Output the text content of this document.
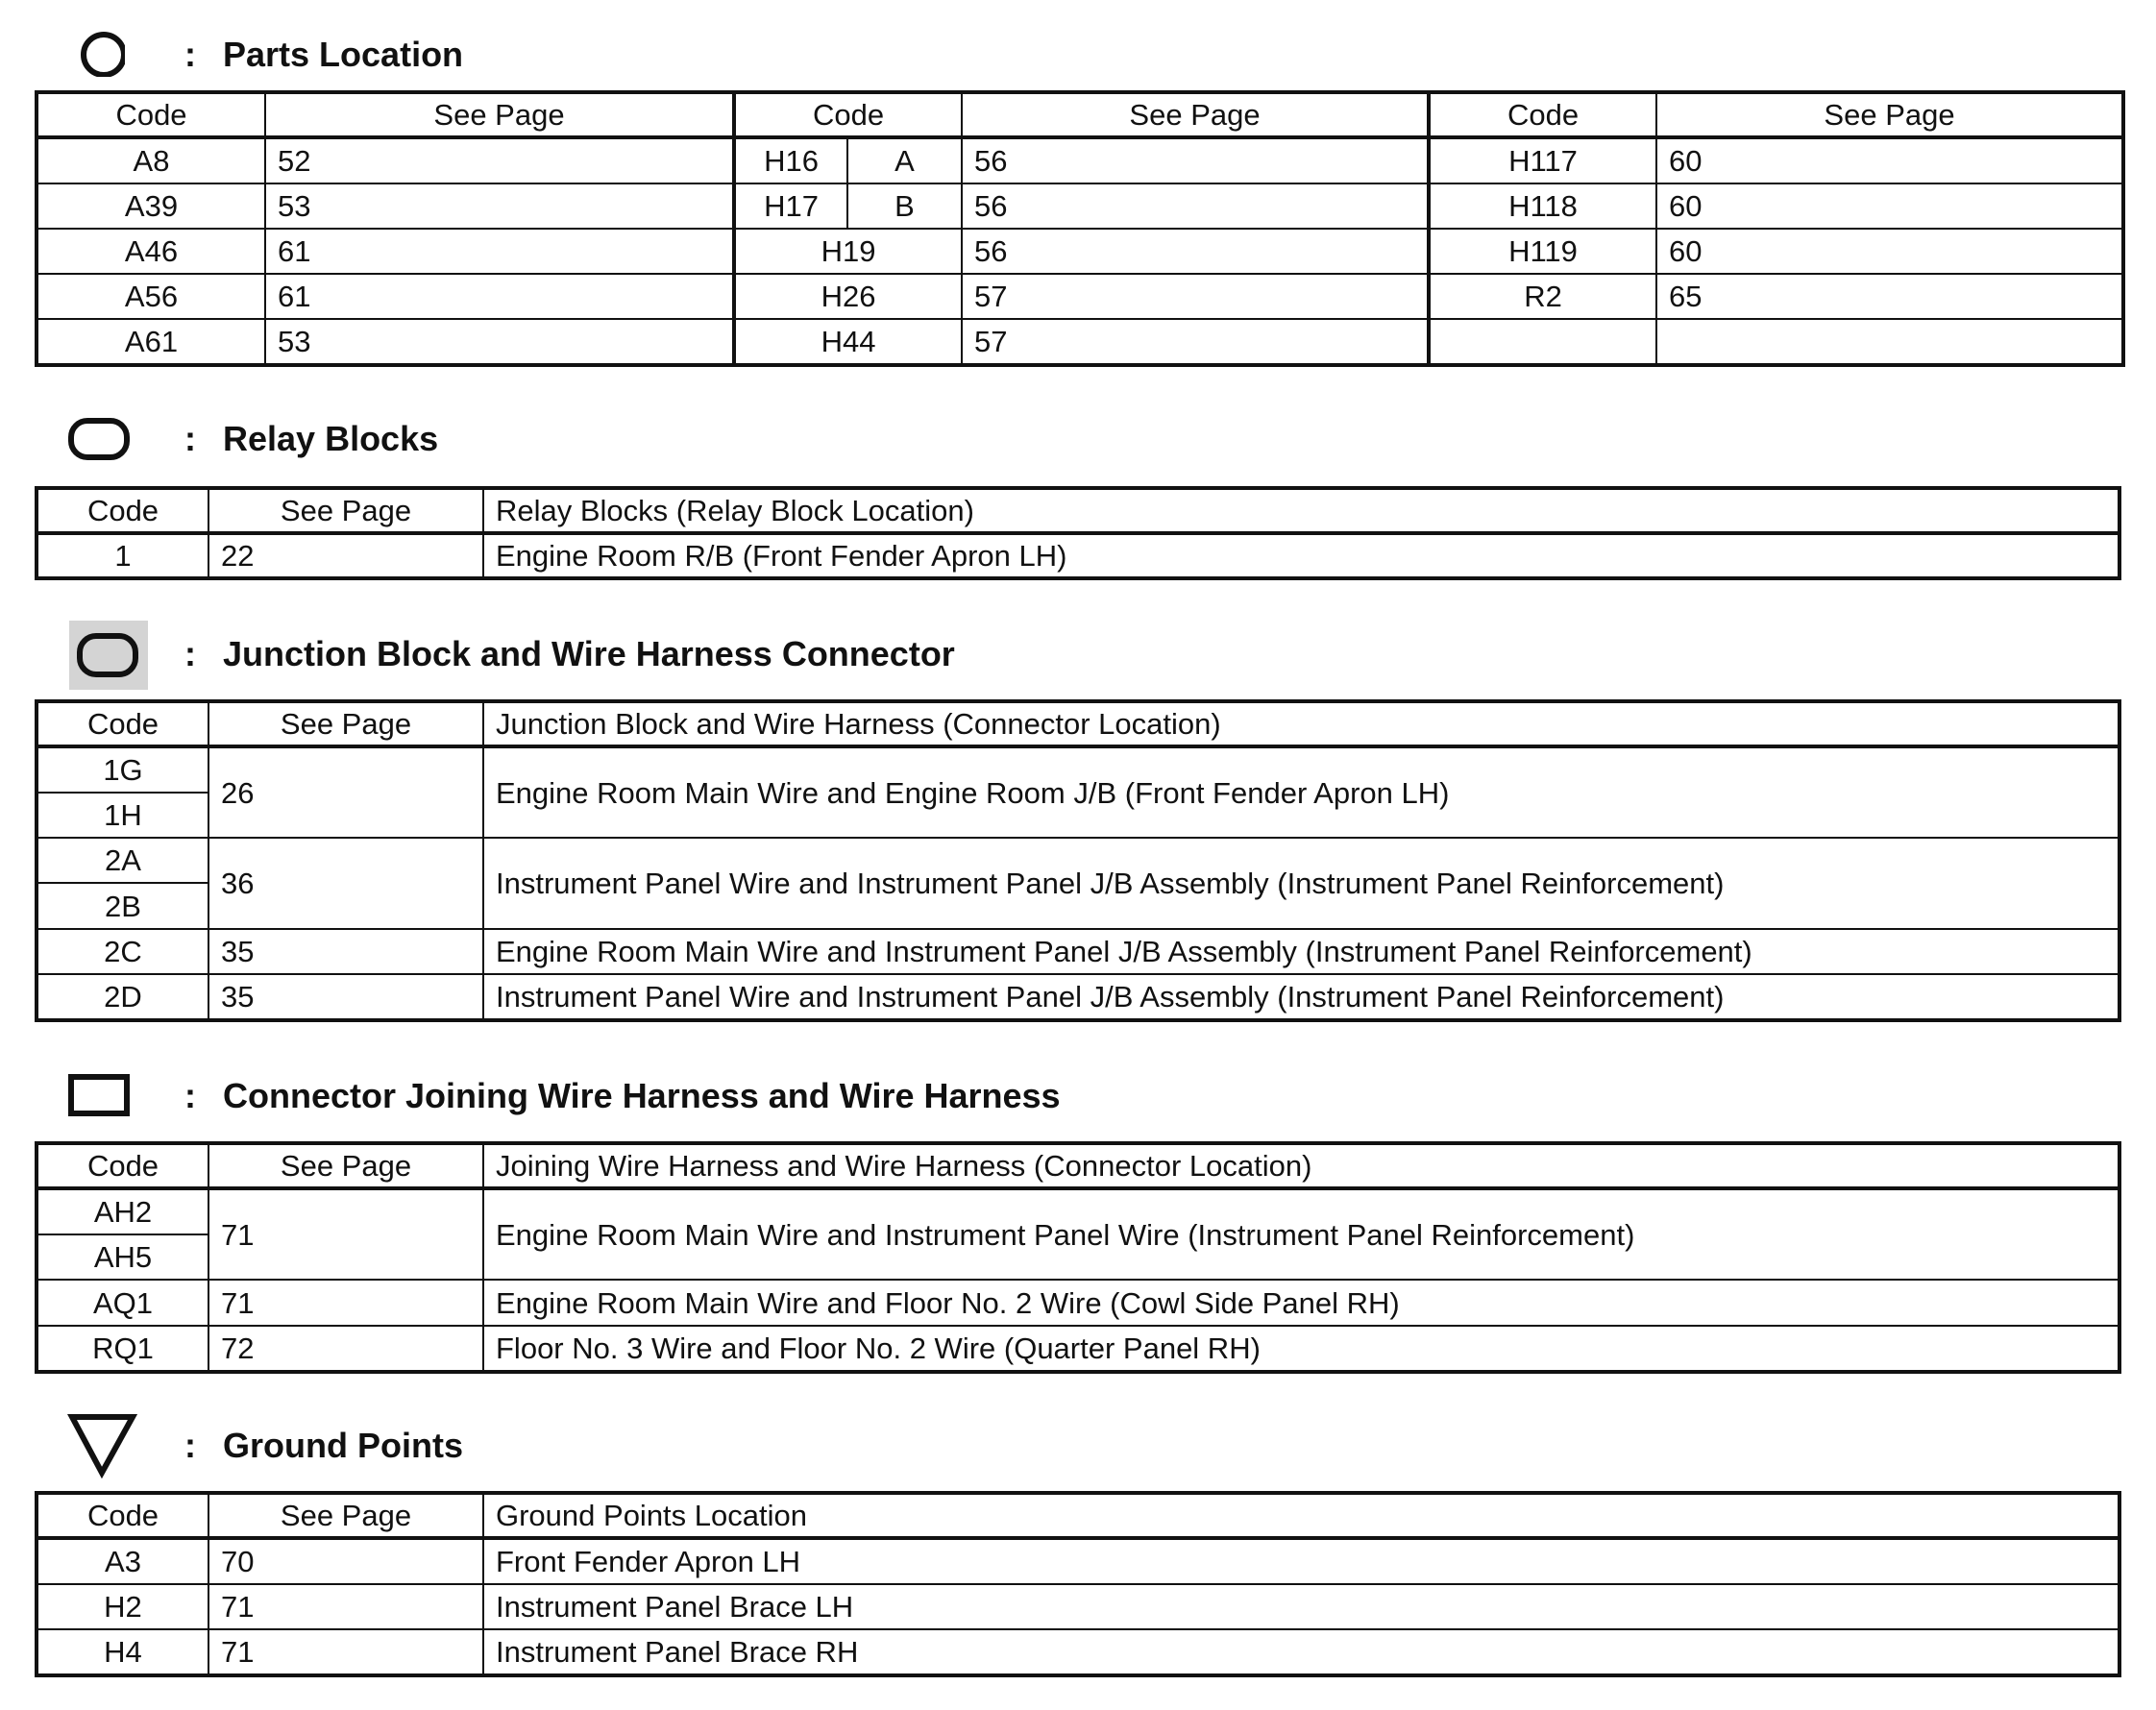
: Parts Location
Code	See Page	Code		See Page	Code	See Page
A8	52	H16	A	56	H117	60
A39	53	H17	B	56	H118	60
A46	61	H19		56	H119	60
A56	61	H26		57	R2	65
A61	53	H44		57		
: Relay Blocks
Code	See Page	Relay Blocks (Relay Block Location)
1	22	Engine Room R/B (Front Fender Apron LH)
: Junction Block and Wire Harness Connector
Code	See Page	Junction Block and Wire Harness (Connector Location)
1G	26	Engine Room Main Wire and Engine Room J/B (Front Fender Apron LH)
1H		
2A	36	Instrument Panel Wire and Instrument Panel J/B Assembly (Instrument Panel Reinforcement)
2B		
2C	35	Engine Room Main Wire and Instrument Panel J/B Assembly (Instrument Panel Reinforcement)
2D	35	Instrument Panel Wire and Instrument Panel J/B Assembly (Instrument Panel Reinforcement)
: Connector Joining Wire Harness and Wire Harness
Code	See Page	Joining Wire Harness and Wire Harness (Connector Location)
AH2	71	Engine Room Main Wire and Instrument Panel Wire (Instrument Panel Reinforcement)
AH5		
AQ1	71	Engine Room Main Wire and Floor No. 2 Wire (Cowl Side Panel RH)
RQ1	72	Floor No. 3 Wire and Floor No. 2 Wire (Quarter Panel RH)
: Ground Points
Code	See Page	Ground Points Location
A3	70	Front Fender Apron LH
H2	71	Instrument Panel Brace LH
H4	71	Instrument Panel Brace RH
